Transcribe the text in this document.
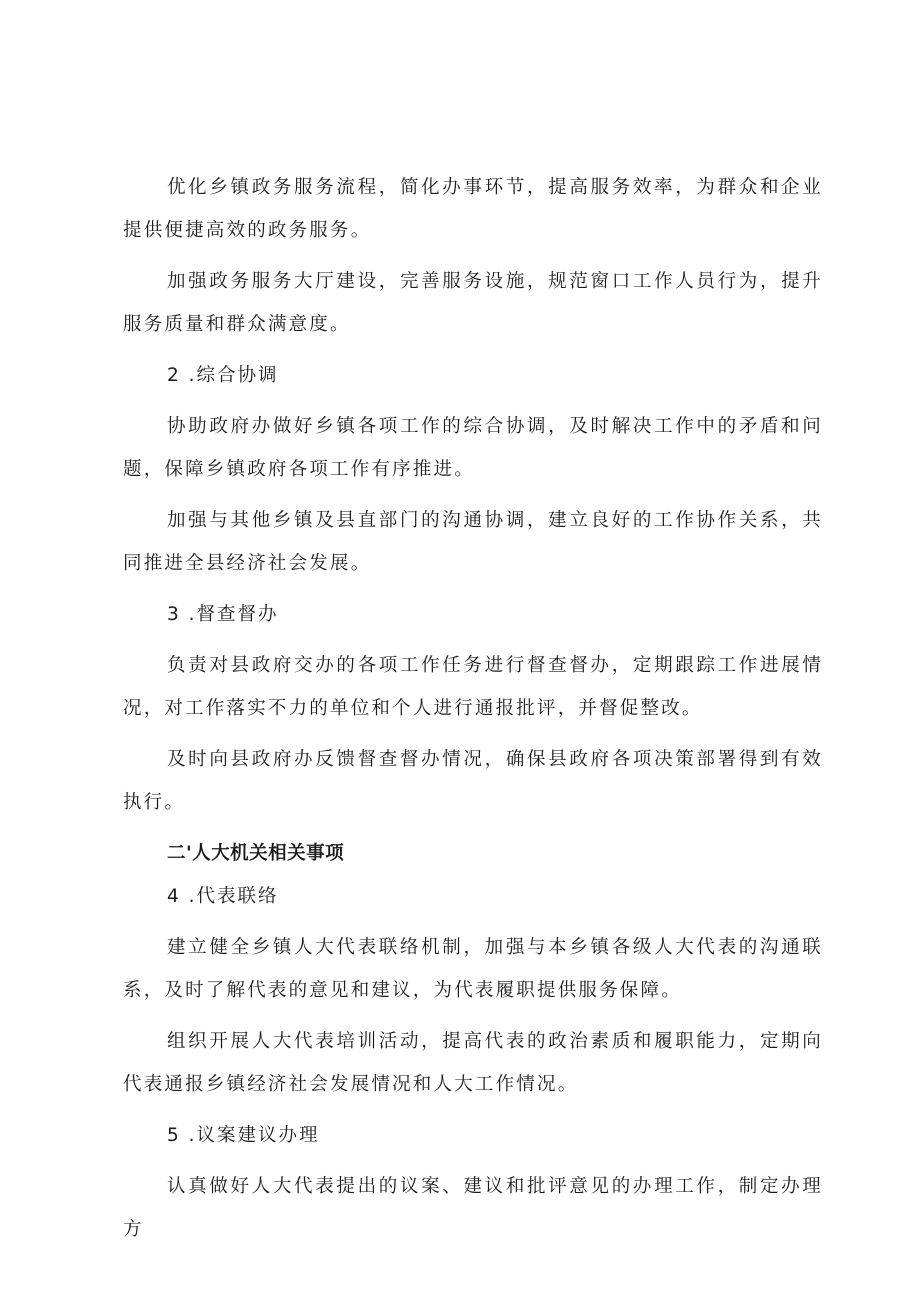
优化乡镇政务服务流程，简化办事环节，提高服务效率，为群众和企业提供便捷高效的政务服务。

加强政务服务大厅建设，完善服务设施，规范窗口工作人员行为，提升服务质量和群众满意度。

2 .综合协调

协助政府办做好乡镇各项工作的综合协调，及时解决工作中的矛盾和问题，保障乡镇政府各项工作有序推进。

加强与其他乡镇及县直部门的沟通协调，建立良好的工作协作关系，共同推进全县经济社会发展。

3 .督查督办

负责对县政府交办的各项工作任务进行督查督办，定期跟踪工作进展情况，对工作落实不力的单位和个人进行通报批评，并督促整改。

及时向县政府办反馈督查督办情况，确保县政府各项决策部署得到有效执行。

二'人大机关相关事项

4 .代表联络

建立健全乡镇人大代表联络机制，加强与本乡镇各级人大代表的沟通联系，及时了解代表的意见和建议，为代表履职提供服务保障。

组织开展人大代表培训活动，提高代表的政治素质和履职能力，定期向代表通报乡镇经济社会发展情况和人大工作情况。

5 .议案建议办理

认真做好人大代表提出的议案、建议和批评意见的办理工作，制定办理方
